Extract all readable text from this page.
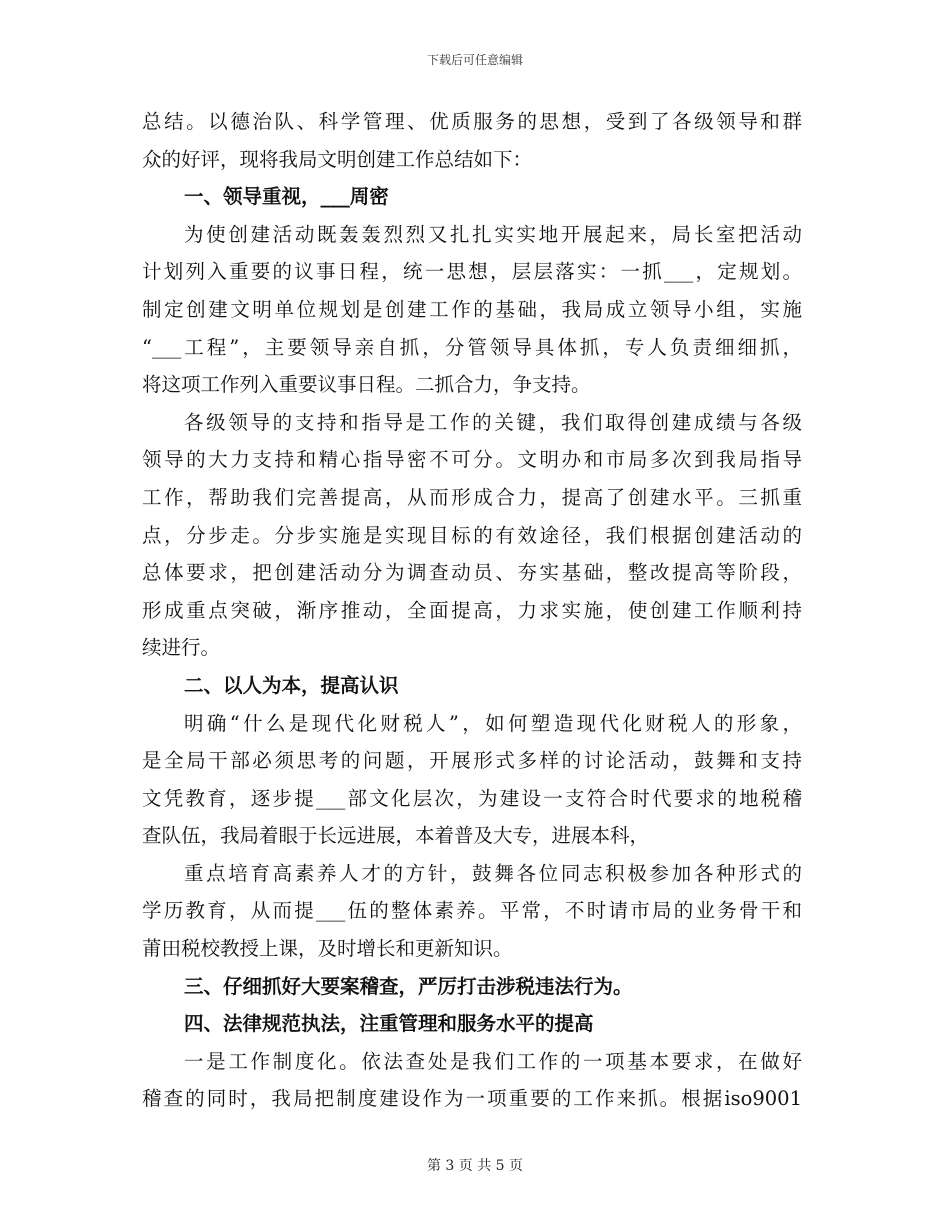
下载后可任意编辑
总结。以德治队、科学管理、优质服务的思想，受到了各级领导和群
众的好评，现将我局文明创建工作总结如下：
一、领导重视，___周密
为使创建活动既轰轰烈烈又扎扎实实地开展起来，局长室把活动
计划列入重要的议事日程，统一思想，层层落实：一抓___，定规划。
制定创建文明单位规划是创建工作的基础，我局成立领导小组，实施
“___工程”，主要领导亲自抓，分管领导具体抓，专人负责细细抓，
将这项工作列入重要议事日程。二抓合力，争支持。
各级领导的支持和指导是工作的关键，我们取得创建成绩与各级
领导的大力支持和精心指导密不可分。文明办和市局多次到我局指导
工作，帮助我们完善提高，从而形成合力，提高了创建水平。三抓重
点，分步走。分步实施是实现目标的有效途径，我们根据创建活动的
总体要求，把创建活动分为调查动员、夯实基础，整改提高等阶段，
形成重点突破，渐序推动，全面提高，力求实施，使创建工作顺利持
续进行。
二、以人为本，提高认识
明确“什么是现代化财税人”，如何塑造现代化财税人的形象，
是全局干部必须思考的问题，开展形式多样的讨论活动，鼓舞和支持
文凭教育，逐步提___部文化层次，为建设一支符合时代要求的地税稽
查队伍，我局着眼于长远进展，本着普及大专，进展本科，
重点培育高素养人才的方针，鼓舞各位同志积极参加各种形式的
学历教育，从而提___伍的整体素养。平常，不时请市局的业务骨干和
莆田税校教授上课，及时增长和更新知识。
三、仔细抓好大要案稽查，严厉打击涉税违法行为。
四、法律规范执法，注重管理和服务水平的提高
一是工作制度化。依法查处是我们工作的一项基本要求，在做好
稽查的同时，我局把制度建设作为一项重要的工作来抓。根据iso9001
第 3 页 共 5 页
